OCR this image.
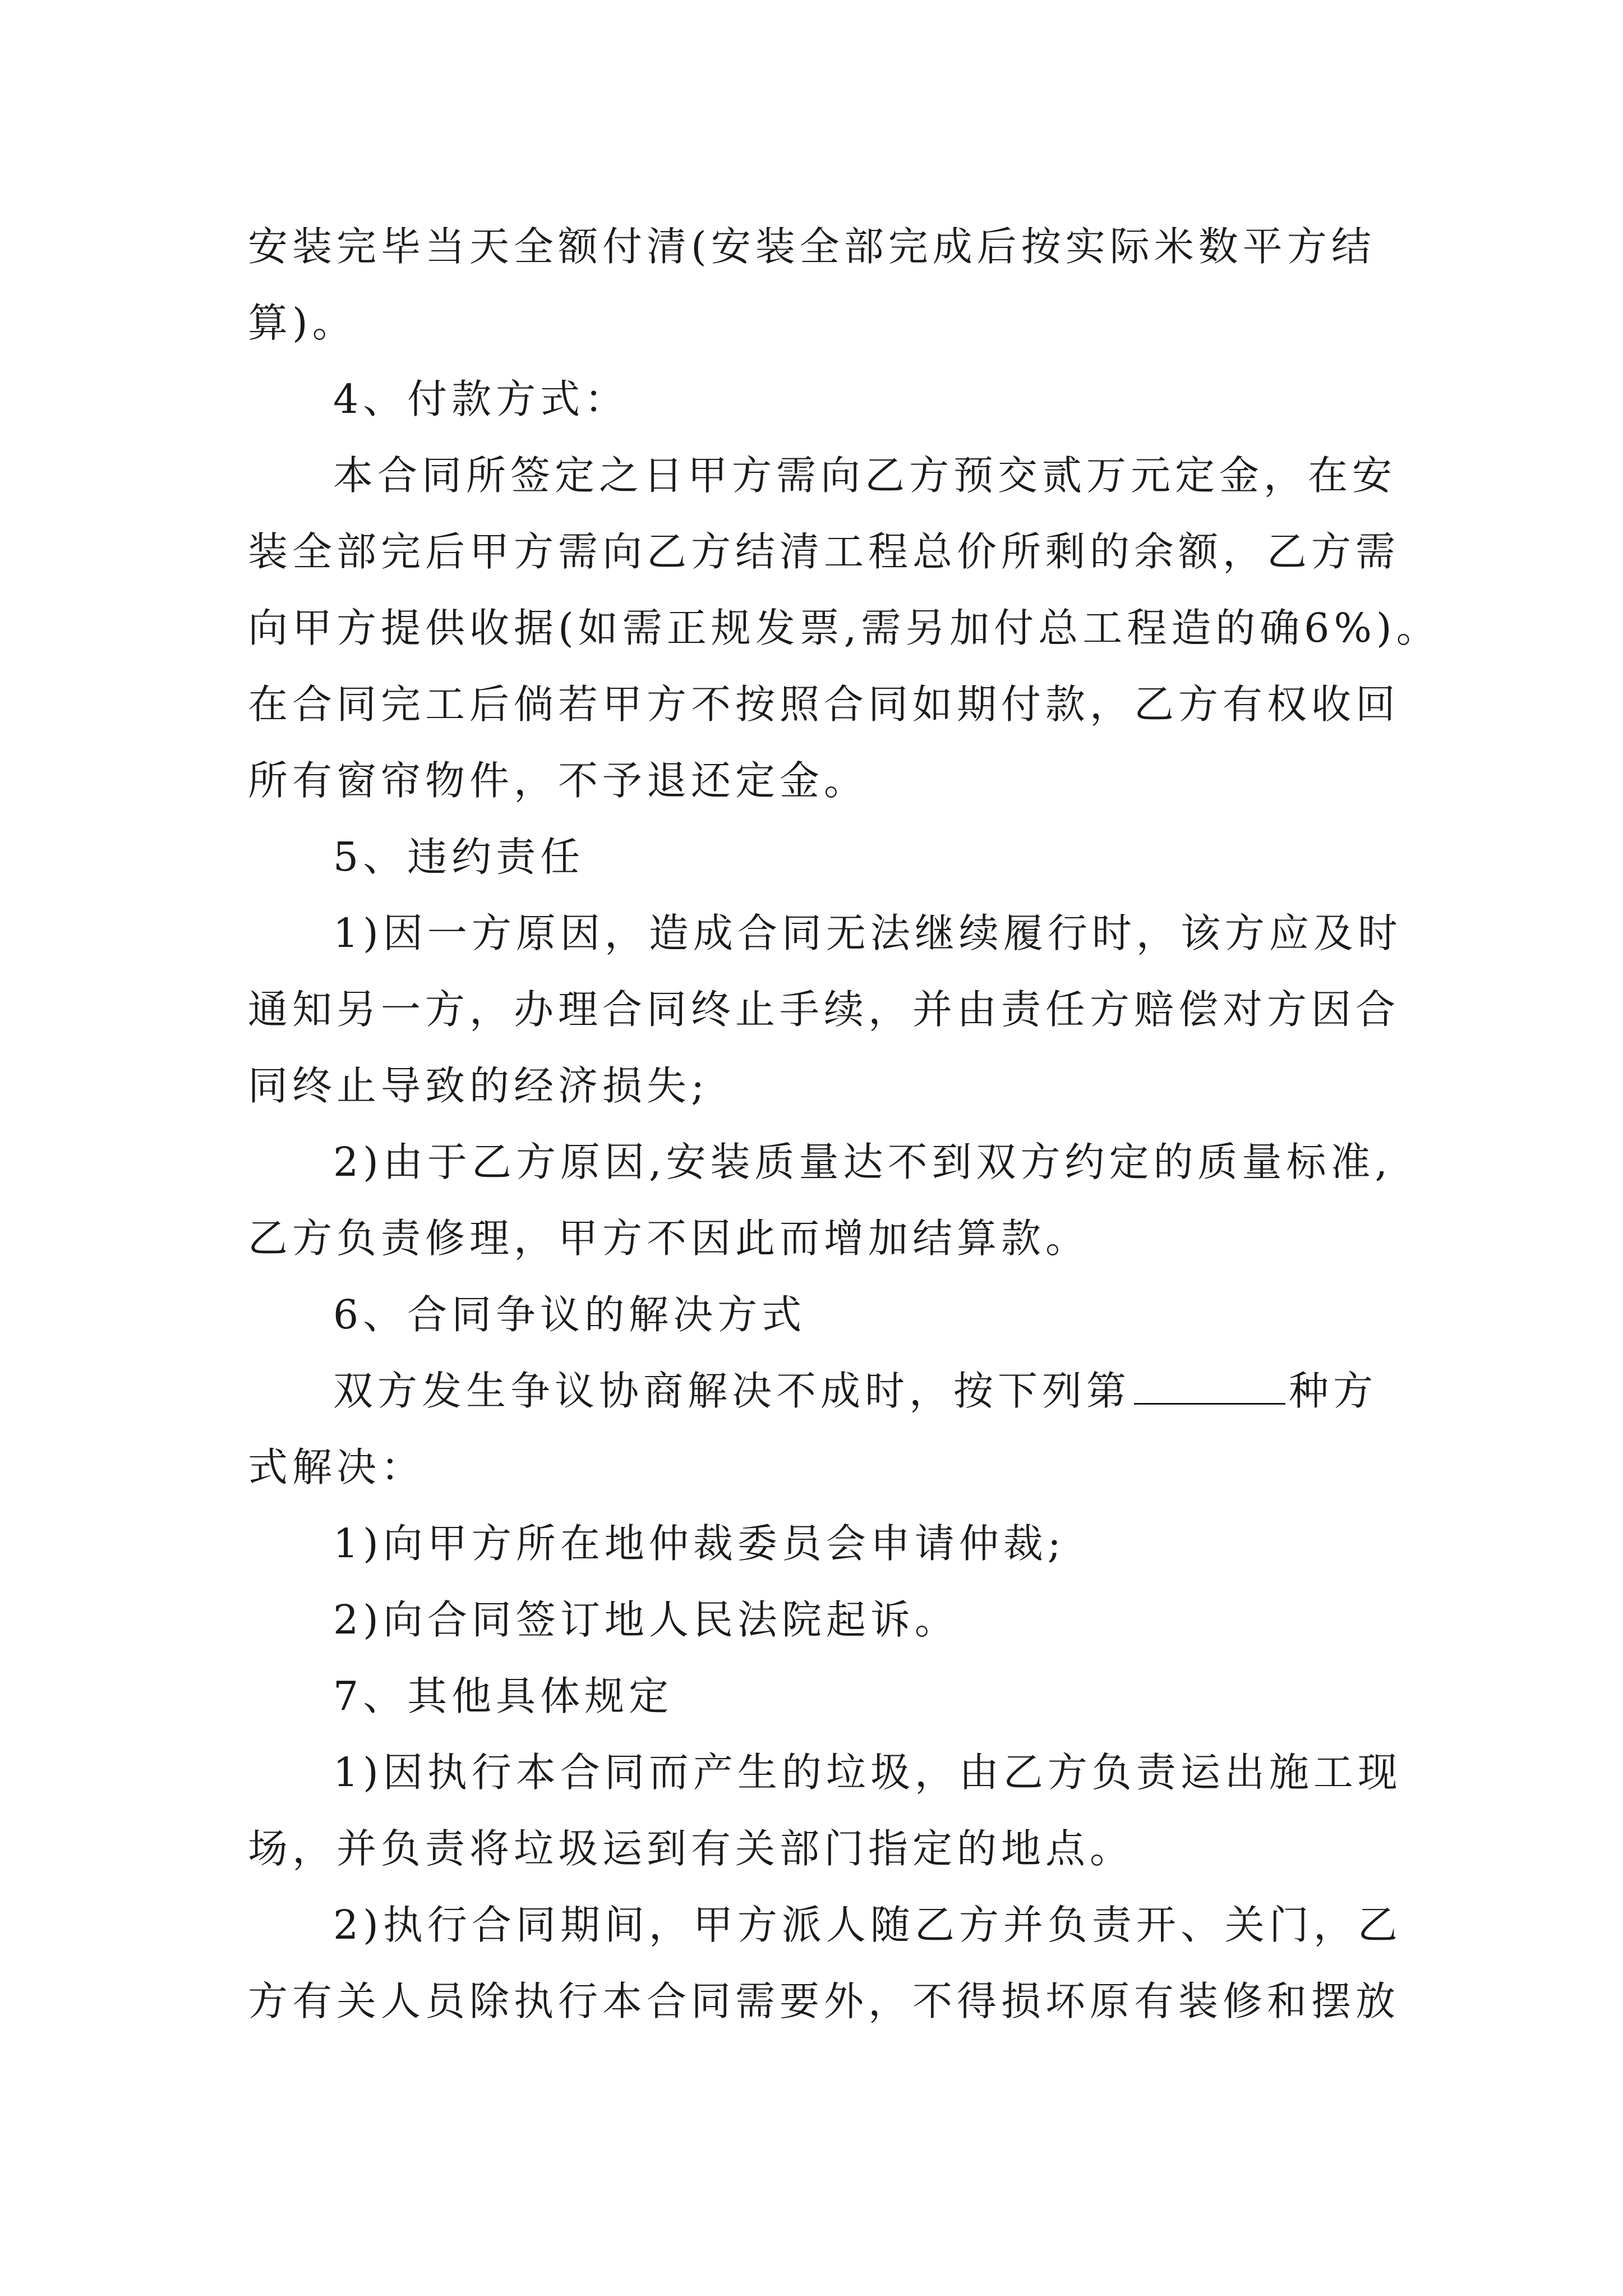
安装完毕当天全额付清(安装全部完成后按实际米数平方结
算)。
4、付款方式：
本合同所签定之日甲方需向乙方预交贰万元定金，在安
装全部完后甲方需向乙方结清工程总价所剩的余额，乙方需
向甲方提供收据(如需正规发票,需另加付总工程造的确6%)。
在合同完工后倘若甲方不按照合同如期付款，乙方有权收回
所有窗帘物件，不予退还定金。
5、违约责任
1)因一方原因，造成合同无法继续履行时，该方应及时
通知另一方，办理合同终止手续，并由责任方赔偿对方因合
同终止导致的经济损失;
2)由于乙方原因,安装质量达不到双方约定的质量标准,
乙方负责修理，甲方不因此而增加结算款。
6、合同争议的解决方式
双方发生争议协商解决不成时，按下列第	种方
式解决：
1)向甲方所在地仲裁委员会申请仲裁;
2)向合同签订地人民法院起诉。
7、其他具体规定
1)因执行本合同而产生的垃圾，由乙方负责运出施工现
场，并负责将垃圾运到有关部门指定的地点。
2)执行合同期间，甲方派人随乙方并负责开、关门，乙
方有关人员除执行本合同需要外，不得损坏原有装修和摆放
